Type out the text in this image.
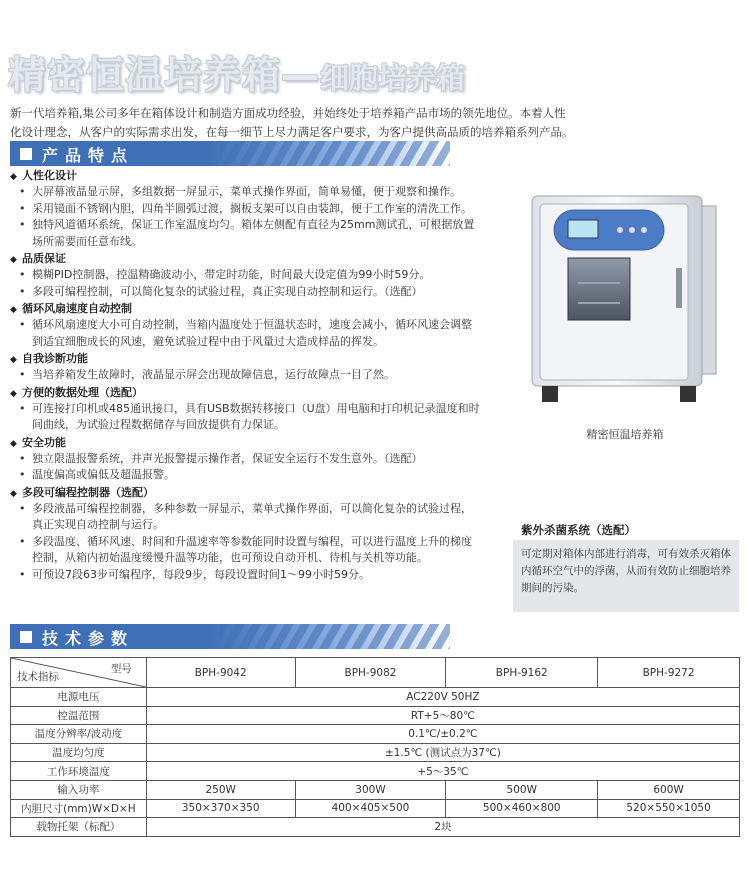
精密恒温培养箱—细胞培养箱
新一代培养箱,集公司多年在箱体设计和制造方面成功经验，并始终处于培养箱产品市场的领先地位。本着人性
化设计理念，从客户的实际需求出发，在每一细节上尽力满足客户要求，为客户提供高品质的培养箱系列产品。
产品特点
◆ 人性化设计
• 大屏幕液晶显示屏，多组数据一屏显示，菜单式操作界面，简单易懂，便于观察和操作。
• 采用镜面不锈钢内胆，四角半圆弧过渡，搁板支架可以自由装卸，便于工作室的清洗工作。
• 独特风道循环系统，保证工作室温度均匀。箱体左侧配有直径为25mm测试孔，可根据放置
场所需要而任意布线。
◆ 品质保证
• 模糊PID控制器，控温精确波动小，带定时功能，时间最大设定值为99小时59分。
• 多段可编程控制，可以简化复杂的试验过程，真正实现自动控制和运行。（选配）
◆ 循环风扇速度自动控制
• 循环风扇速度大小可自动控制，当箱内温度处于恒温状态时，速度会减小，循环风速会调整
到适宜细胞成长的风速，避免试验过程中由于风量过大造成样品的挥发。
◆ 自我诊断功能
• 当培养箱发生故障时，液晶显示屏会出现故障信息，运行故障点一目了然。
◆ 方便的数据处理（选配）
• 可连接打印机或485通讯接口，具有USB数据转移接口（U盘）用电脑和打印机记录温度和时
间曲线，为试验过程数据储存与回放提供有力保证。
◆ 安全功能
• 独立限温报警系统，并声光报警提示操作者，保证安全运行不发生意外。（选配）
• 温度偏高或偏低及超温报警。
◆ 多段可编程控制器（选配）
• 多段液晶可编程控制器，多种参数一屏显示，菜单式操作界面，可以简化复杂的试验过程，
真正实现自动控制与运行。
• 多段温度、循环风速、时间和升温速率等参数能同时设置与编程，可以进行温度上升的梯度
控制，从箱内初始温度缓慢升温等功能，也可预设自动开机、待机与关机等功能。
• 可预设7段63步可编程序，每段9步，每段设置时间1～99小时59分。
精密恒温培养箱
紫外杀菌系统（选配）
可定期对箱体内部进行消毒，可有效杀灭箱体
内循环空气中的浮菌，从而有效防止细胞培养
期间的污染。
技术参数
型号
技术指标	BPH-9042	BPH-9082	BPH-9162	BPH-9272
电源电压	AC220V 50HZ			
控温范围	RT+5～80℃			
温度分辨率/波动度	0.1℃/±0.2℃			
温度均匀度	±1.5℃ (测试点为37℃)			
工作环境温度	+5～35℃			
输入功率	250W	300W	500W	600W
内胆尺寸(mm)W×D×H	350×370×350	400×405×500	500×460×800	520×550×1050
载物托架（标配）	2块			
